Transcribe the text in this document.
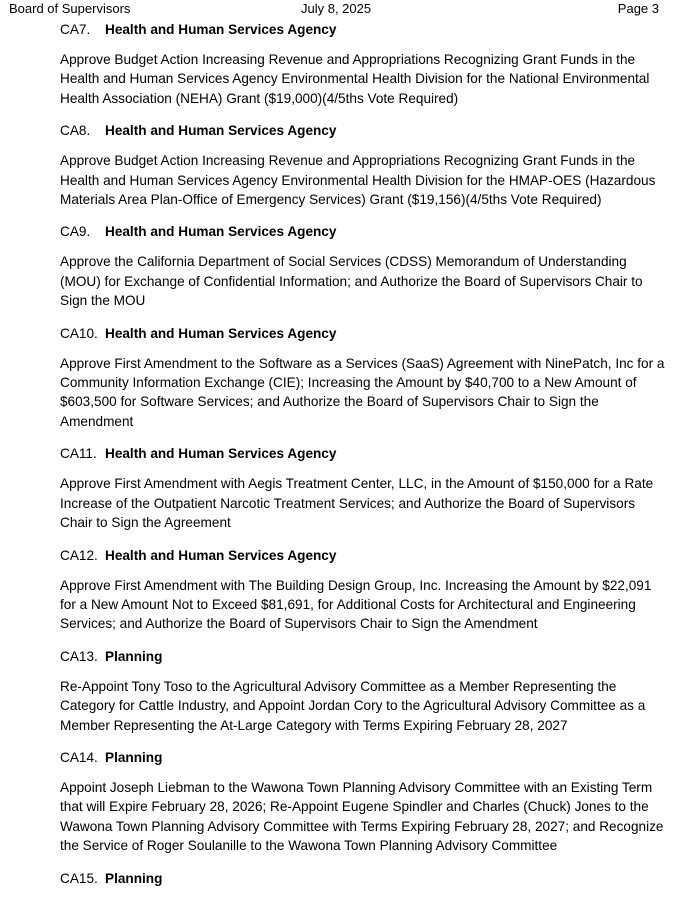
Board of Supervisors	July 8, 2025	Page 3
CA7. Health and Human Services Agency
Approve Budget Action Increasing Revenue and Appropriations Recognizing Grant Funds in the Health and Human Services Agency Environmental Health Division for the National Environmental Health Association (NEHA) Grant ($19,000)(4/5ths Vote Required)
CA8. Health and Human Services Agency
Approve Budget Action Increasing Revenue and Appropriations Recognizing Grant Funds in the Health and Human Services Agency Environmental Health Division for the HMAP-OES (Hazardous Materials Area Plan-Office of Emergency Services) Grant ($19,156)(4/5ths Vote Required)
CA9. Health and Human Services Agency
Approve the California Department of Social Services (CDSS) Memorandum of Understanding (MOU) for Exchange of Confidential Information; and Authorize the Board of Supervisors Chair to Sign the MOU
CA10. Health and Human Services Agency
Approve First Amendment to the Software as a Services (SaaS) Agreement with NinePatch, Inc for a Community Information Exchange (CIE); Increasing the Amount by $40,700 to a New Amount of $603,500 for Software Services; and Authorize the Board of Supervisors Chair to Sign the Amendment
CA11. Health and Human Services Agency
Approve First Amendment with Aegis Treatment Center, LLC, in the Amount of $150,000 for a Rate Increase of the Outpatient Narcotic Treatment Services; and Authorize the Board of Supervisors Chair to Sign the Agreement
CA12. Health and Human Services Agency
Approve First Amendment with The Building Design Group, Inc. Increasing the Amount by $22,091 for a New Amount Not to Exceed $81,691, for Additional Costs for Architectural and Engineering Services; and Authorize the Board of Supervisors Chair to Sign the Amendment
CA13. Planning
Re-Appoint Tony Toso to the Agricultural Advisory Committee as a Member Representing the Category for Cattle Industry, and Appoint Jordan Cory to the Agricultural Advisory Committee as a Member Representing the At-Large Category with Terms Expiring February 28, 2027
CA14. Planning
Appoint Joseph Liebman to the Wawona Town Planning Advisory Committee with an Existing Term that will Expire February 28, 2026; Re-Appoint Eugene Spindler and Charles (Chuck) Jones to the Wawona Town Planning Advisory Committee with Terms Expiring February 28, 2027; and Recognize the Service of Roger Soulanille to the Wawona Town Planning Advisory Committee
CA15. Planning
